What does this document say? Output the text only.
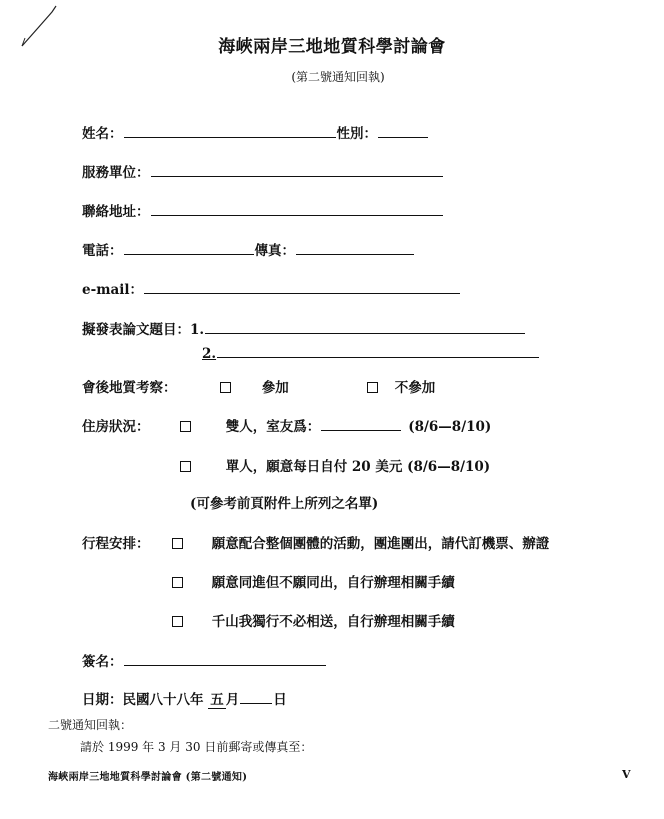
海峽兩岸三地地質科學討論會
(第二號通知回執)
姓名：	性別：
服務單位：
聯絡地址：
電話：	傳真：
e-mail：
擬發表論文題目：1.
2.
會後地質考察：	參加	不參加
住房狀況：	雙人，室友爲：	(8/6—8/10)
單人，願意每日自付 20 美元 (8/6—8/10)
(可參考前頁附件上所列之名單)
行程安排：	願意配合整個團體的活動，團進團出，請代訂機票、辦證
願意同進但不願同出，自行辦理相關手續
千山我獨行不必相送，自行辦理相關手續
簽名：
日期：民國八十八年 五 月	日
二號通知回執：
請於 1999 年 3 月 30 日前郵寄或傳真至：
海峽兩岸三地地質科學討論會 (第二號通知)	V
